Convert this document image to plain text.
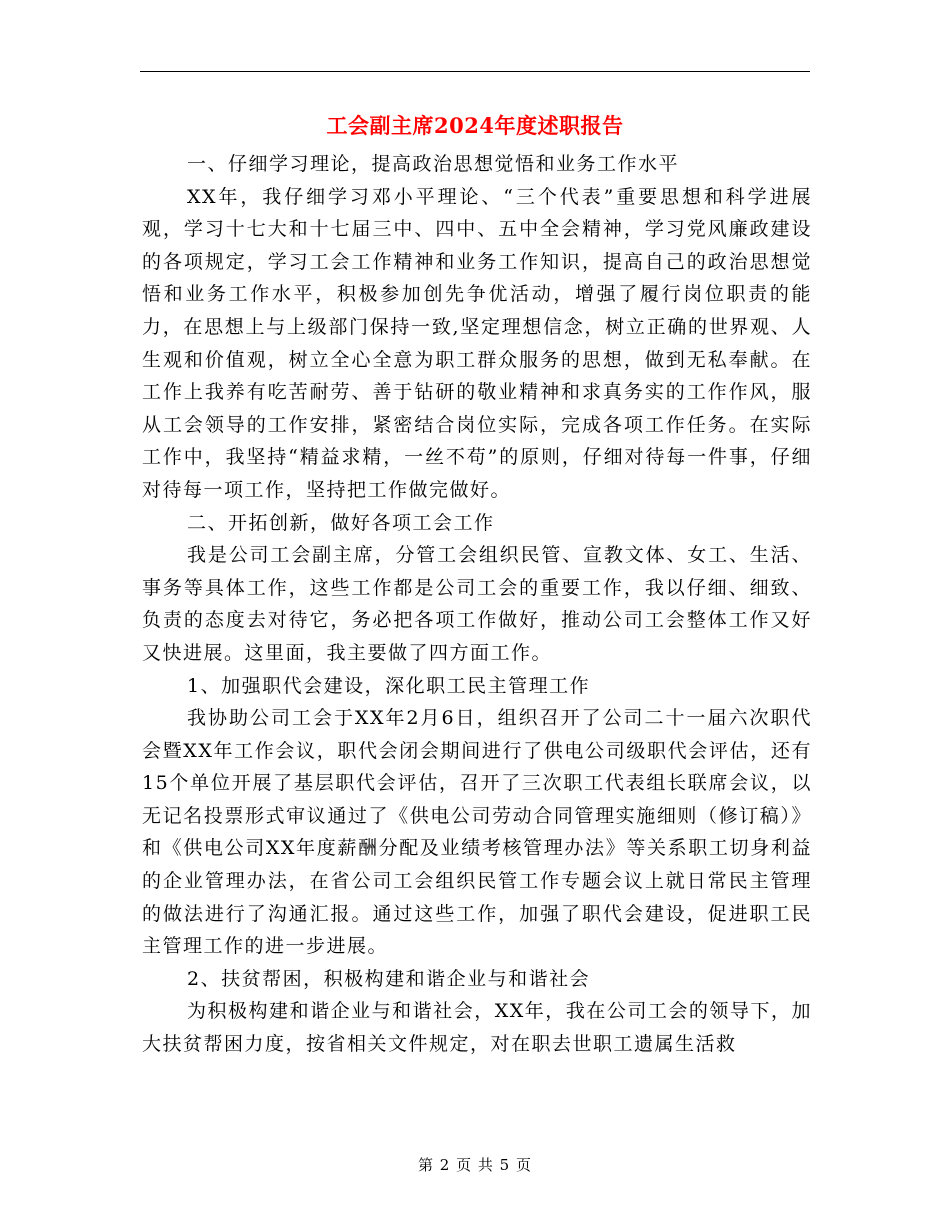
工会副主席2024年度述职报告

一、仔细学习理论，提高政治思想觉悟和业务工作水平

XX年，我仔细学习邓小平理论、“三个代表”重要思想和科学进展观，学习十七大和十七届三中、四中、五中全会精神，学习党风廉政建设的各项规定，学习工会工作精神和业务工作知识，提高自己的政治思想觉悟和业务工作水平，积极参加创先争优活动，增强了履行岗位职责的能力，在思想上与上级部门保持一致,坚定理想信念，树立正确的世界观、人生观和价值观，树立全心全意为职工群众服务的思想，做到无私奉献。在工作上我养有吃苦耐劳、善于钻研的敬业精神和求真务实的工作作风，服从工会领导的工作安排，紧密结合岗位实际，完成各项工作任务。在实际工作中，我坚持“精益求精，一丝不苟”的原则，仔细对待每一件事，仔细对待每一项工作，坚持把工作做完做好。

二、开拓创新，做好各项工会工作

我是公司工会副主席，分管工会组织民管、宣教文体、女工、生活、事务等具体工作，这些工作都是公司工会的重要工作，我以仔细、细致、负责的态度去对待它，务必把各项工作做好，推动公司工会整体工作又好又快进展。这里面，我主要做了四方面工作。

1、加强职代会建设，深化职工民主管理工作

我协助公司工会于XX年2月6日，组织召开了公司二十一届六次职代会暨XX年工作会议，职代会闭会期间进行了供电公司级职代会评估，还有15个单位开展了基层职代会评估，召开了三次职工代表组长联席会议，以无记名投票形式审议通过了《供电公司劳动合同管理实施细则（修订稿）》和《供电公司XX年度薪酬分配及业绩考核管理办法》等关系职工切身利益的企业管理办法，在省公司工会组织民管工作专题会议上就日常民主管理的做法进行了沟通汇报。通过这些工作，加强了职代会建设，促进职工民主管理工作的进一步进展。

2、扶贫帮困，积极构建和谐企业与和谐社会

为积极构建和谐企业与和谐社会，XX年，我在公司工会的领导下，加大扶贫帮困力度，按省相关文件规定，对在职去世职工遗属生活救

第 2 页 共 5 页
